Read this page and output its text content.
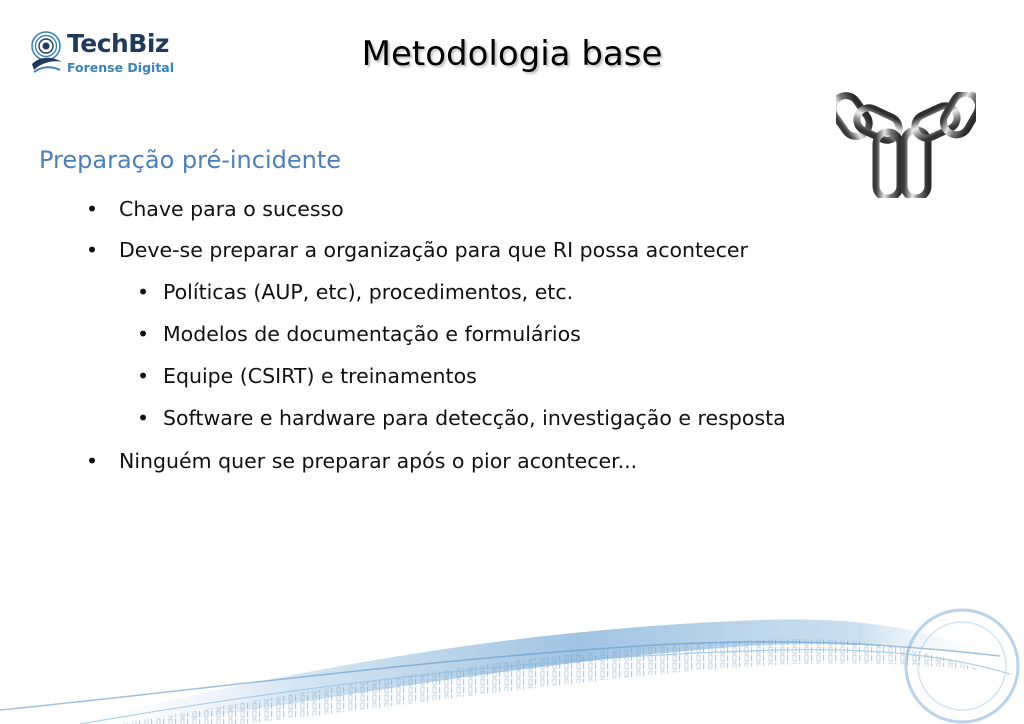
TechBiz
Forense Digital	Metodologia base
Preparação pré-incidente
• Chave para o sucesso
• Deve-se preparar a organização para que RI possa acontecer
• Políticas (AUP, etc), procedimentos, etc.
• Modelos de documentação e formulários
• Equipe (CSIRT) e treinamentos
• Software e hardware para detecção, investigação e resposta
• Ninguém quer se preparar após o pior acontecer...
